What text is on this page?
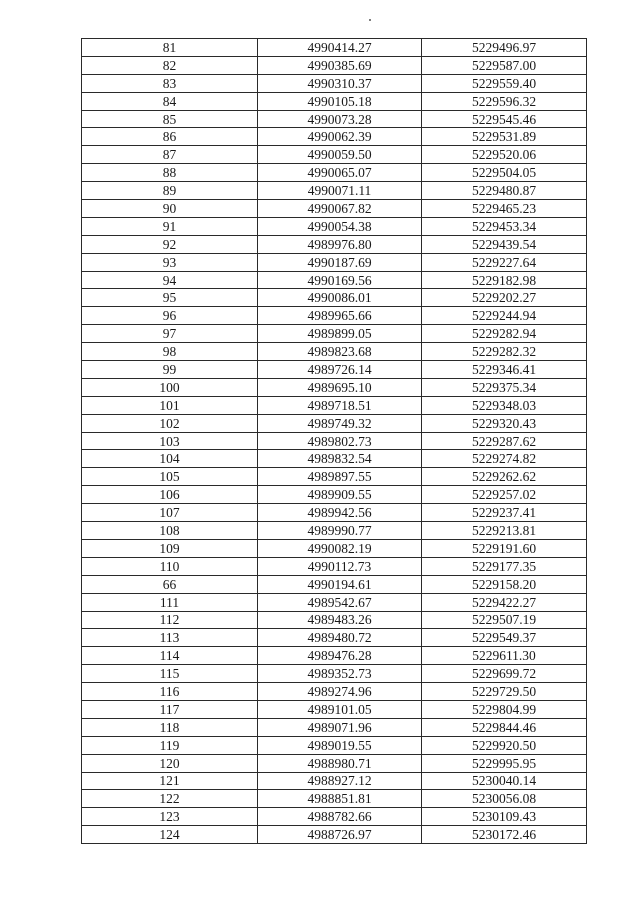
81	4990414.27	5229496.97
82	4990385.69	5229587.00
83	4990310.37	5229559.40
84	4990105.18	5229596.32
85	4990073.28	5229545.46
86	4990062.39	5229531.89
87	4990059.50	5229520.06
88	4990065.07	5229504.05
89	4990071.11	5229480.87
90	4990067.82	5229465.23
91	4990054.38	5229453.34
92	4989976.80	5229439.54
93	4990187.69	5229227.64
94	4990169.56	5229182.98
95	4990086.01	5229202.27
96	4989965.66	5229244.94
97	4989899.05	5229282.94
98	4989823.68	5229282.32
99	4989726.14	5229346.41
100	4989695.10	5229375.34
101	4989718.51	5229348.03
102	4989749.32	5229320.43
103	4989802.73	5229287.62
104	4989832.54	5229274.82
105	4989897.55	5229262.62
106	4989909.55	5229257.02
107	4989942.56	5229237.41
108	4989990.77	5229213.81
109	4990082.19	5229191.60
110	4990112.73	5229177.35
66	4990194.61	5229158.20
111	4989542.67	5229422.27
112	4989483.26	5229507.19
113	4989480.72	5229549.37
114	4989476.28	5229611.30
115	4989352.73	5229699.72
116	4989274.96	5229729.50
117	4989101.05	5229804.99
118	4989071.96	5229844.46
119	4989019.55	5229920.50
120	4988980.71	5229995.95
121	4988927.12	5230040.14
122	4988851.81	5230056.08
123	4988782.66	5230109.43
124	4988726.97	5230172.46
